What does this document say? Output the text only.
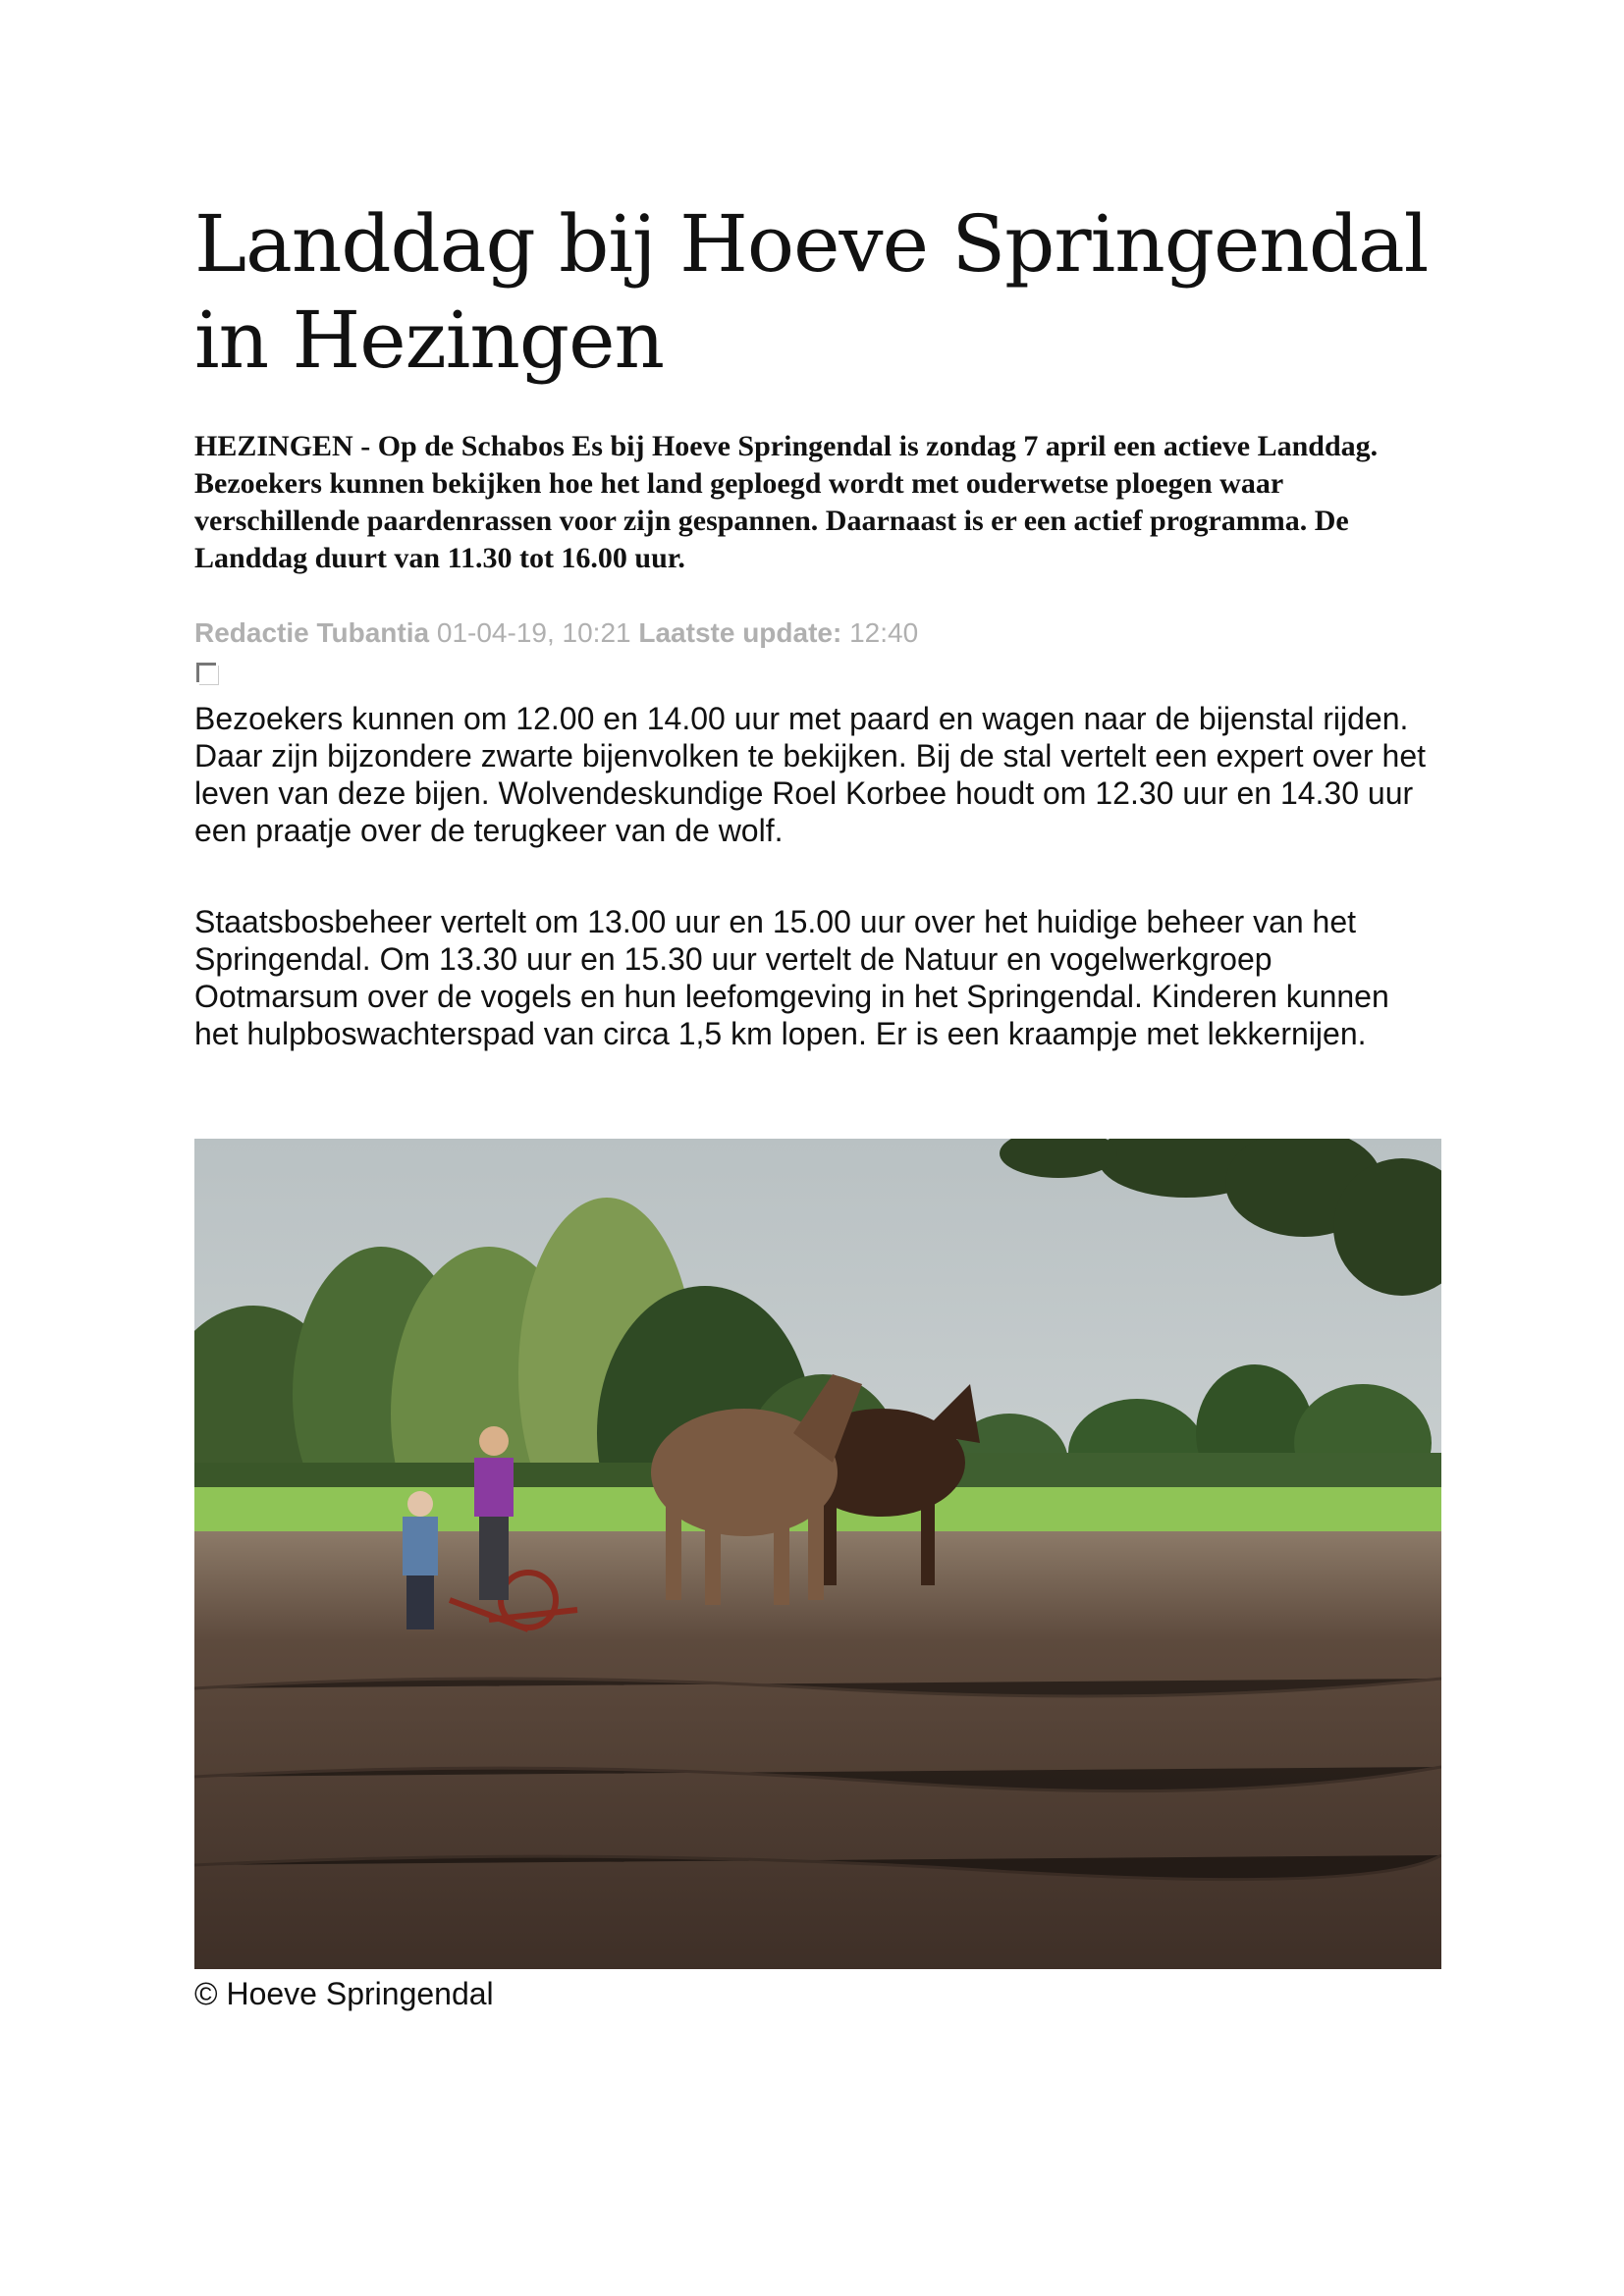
Landdag bij Hoeve Springendal in Hezingen

HEZINGEN - Op de Schabos Es bij Hoeve Springendal is zondag 7 april een actieve Landdag. Bezoekers kunnen bekijken hoe het land geploegd wordt met ouderwetse ploegen waar verschillende paardenrassen voor zijn gespannen. Daarnaast is er een actief programma. De Landdag duurt van 11.30 tot 16.00 uur.

Redactie Tubantia 01-04-19, 10:21 Laatste update: 12:40

Bezoekers kunnen om 12.00 en 14.00 uur met paard en wagen naar de bijenstal rijden. Daar zijn bijzondere zwarte bijenvolken te bekijken. Bij de stal vertelt een expert over het leven van deze bijen. Wolvendeskundige Roel Korbee houdt om 12.30 uur en 14.30 uur een praatje over de terugkeer van de wolf.

Staatsbosbeheer vertelt om 13.00 uur en 15.00 uur over het huidige beheer van het Springendal. Om 13.30 uur en 15.30 uur vertelt de Natuur en vogelwerkgroep Ootmarsum over de vogels en hun leefomgeving in het Springendal. Kinderen kunnen het hulpboswachterspad van circa 1,5 km lopen. Er is een kraampje met lekkernijen.

© Hoeve Springendal
